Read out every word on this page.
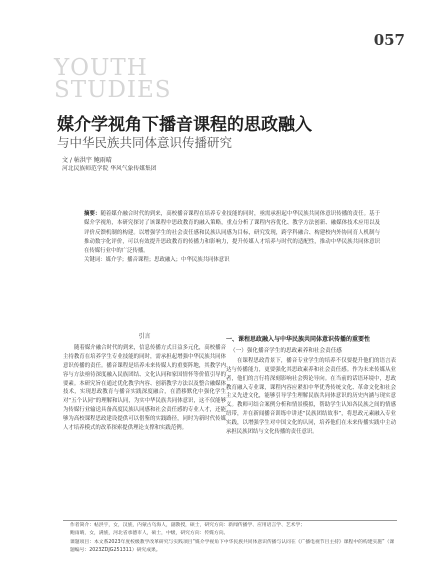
057
YOUTH
STUDIES
媒介学视角下播音课程的思政融入
与中华民族共同体意识传播研究
文 / 帖洪宇 鲍雨晴
河北民族师范学院 华风气象传媒集团
摘要：随着媒介融合时代的到来，高校播音课程在培养专业技能的同时，亟需承担起中华民族共同体意识传播的责任。基于媒介学视角，本研究探讨了该课程中思政教育的融入策略，重点分析了课程内容优化、教学方法创新、融媒体技术应用以及评价反馈机制的构建。以增强学生的社会责任感和民族认同感为目标，研究发现，跨学科融合、构建校内外协同育人机制与推动数字化评价，可以有效提升思政教育的传播力和影响力，提升传媒人才培养与时代的适配性，推动中华民族共同体意识在传媒行业中的广泛传播。
关键词：媒介学；播音课程；思政融入；中华民族共同体意识
引言

随着媒介融合时代的到来，信息传播方式日益多元化，高校播音主持教育在培养学生专业技能的同时，需承担起增强中华民族共同体意识传播的责任。播音课程是培养未来传媒人的重要阵地，其教学内容与方法亟待深度融入民族团结、文化认同和家国情怀等价值引导的要素。本研究旨在通过优化教学内容、创新教学方法以及整合融媒体技术，实现思政教育与播音实践深度融合，在潜移默化中强化学生对“五个认同”的理解和认同，为实中华民族共同体意识，这不仅能够为传媒行业输送具备高度民族认同感和社会责任感的专业人才，还能够为高校课程思政建设提供可以借鉴的实践路径，同时为新时代传媒人才培养模式的改革探索提供理论支撑和实践范例。

一、课程思政融入与中华民族共同体意识传播的重要性
（一）强化播音学生的思政素养和社会责任感

在课程思政背景下，播音专业学生的培养不仅要提升他们的语言表达与传播能力，更要强化其思政素养和社会责任感。作为未来传媒从业者，他们的言行将深刻影响社会舆论导向。在当前的话语环境中，思政教育融入专业课，课程内容应紧扣中华优秀传统文化、革命文化和社会主义先进文化，能够引导学生理解民族共同体意识的历史内涵与现实意义。教师可结合案例分析和情景模拟，帮助学生认知各民族之间的情感纽带，并在新闻播音训练中讲述“民族团结故事”，将思政元素融入专业实践，以增强学生对中国文化的认同，培养他们在未来传播实践中主动承担民族团结与文化传播的责任意识。

作者简介：帖洪宇，女，汉族，内蒙古乌海人，副教授，硕士，研究方向：新闻传播学、应用语言学、艺术学；
鲍雨晴，女，满族，河北省承德市人，硕士，中级，研究方向：传媒方向。
课题项目：本文系2023年度校级教学改革研究与实践项目“媒介学视角下中华民族共同体意识传播与认同在《广播电视节目主持》课程中的构建实施”（课题编号：2023ZDJG251311）研究成果。
